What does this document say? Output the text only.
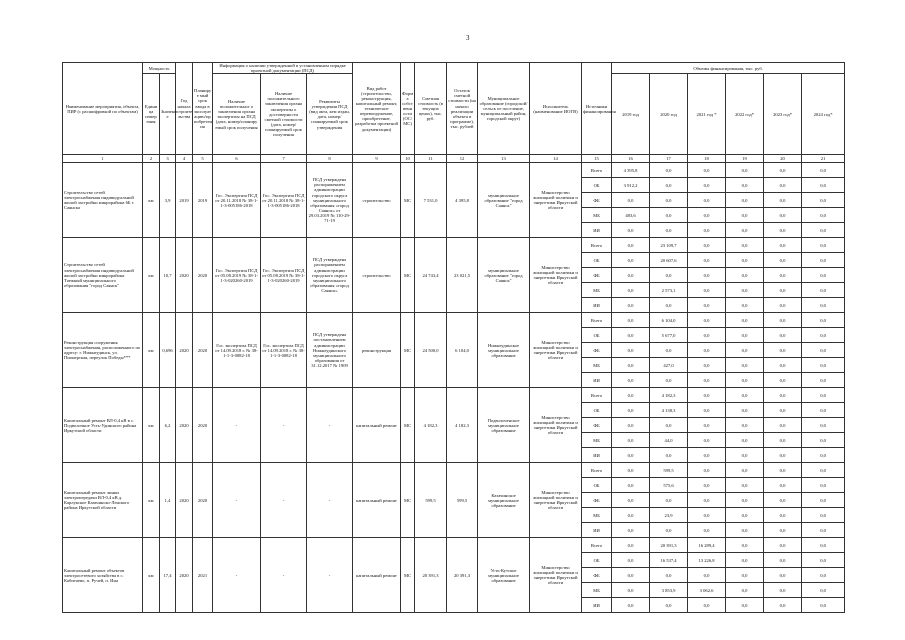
3
Наименование мероприятия, объекта, ПИР (с расшифровкой по объектам)	Мощность		Год начала строите льства	Планиру е мый срок ввода в эксплуат ацию/пр иобретен ия	Информация о наличии утвержденной в установленном порядке проектной документации (ПСД)			Вид работ (строительство, реконструкция, капитальный ремонт, техническое перевооружение, приобретение, разработка проектной документации)	Форм а собст венн ости (ОС/ МС)	Сметная стоимость (в текущих ценах), тыс. руб.	Остаток сметной стоимости (на начало реализации объекта в программе), тыс. рублей	Муниципальное образование (городской/сельск ое поселение, муниципальный район, городской округ)	Исполнитель (наименование ИОГВ)	Источники финансирования	Объемы финансирования, тыс. руб.					
	Едини ца измер ения	Значени е			Наличие положительног о заключения органа экспертизы на ПСД (дата, номер/планиру емый срок получения	Наличие положительного заключения органа экспертизы о достоверности сметной стоимости (дата, номер/планируемый срок получения	Реквизиты утверждения ПСД (вид акта, кем издан, дата, номер/планируемый срок утверждения								2019 год	2020 год	2021 год *	2022 год*	2023 год*	2024 год*

1	2	3	4	5	6	7	8	9	10	11	12	13	14	15	16	17	18	19	20	21
Строительство сетей электроснабжения индивидуальной жилой застройки микрорайона 6Б г. Саянска	км	3,9	2019	2019	Гос. Экспертиза ПСД от 20.11.2018 № 38-1-1-3-005186-2018	Гос. Экспертиза ПСД от 20.11.2018 № 38-1-1-3-005186-2018	ПСД утверждена распоряжением администрации городского округа муниципального образования «город Саянск» от 29.03.2019 № 110-29-71-19	строительство	МС	7 531,0	4 395,8	муниципальное образование "город Саянск"	Министерство жилищной политики и энергетики Иркутской области	Всего	4 395,8	0,0	0,0	0,0	0,0	0,0
														ОБ	3 912,2	0,0	0,0	0,0	0,0	0,0
														ФБ	0,0	0,0	0,0	0,0	0,0	0,0
														МБ	483,6	0,0	0,0	0,0	0,0	0,0
														ИИ	0,0	0,0	0,0	0,0	0,0	0,0
Строительство сетей электроснабжения индивидуальной жилой застройки микрорайона Таежный муниципального образования "город Саянск"	км	10,7	2020	2020	Гос. Экспертиза ПСД от 05.08.2019 № 38-1-1-3-020260-2019	Гос. Экспертиза ПСД от 05.08.2019 № 38-1-1-3-020260-2019	ПСД утверждена распоряжением администрации городского округа муниципального образования «город Саянск»	строительство	МС	24 743,4	23 021,5	муниципальное образование "город Саянск"	Министерство жилищной политики и энергетики Иркутской области	Всего	0,0	23 109,7	0,0	0,0	0,0	0,0
														ОБ	0,0	20 607,6	0,0	0,0	0,0	0,0
														ФБ	0,0	0,0	0,0	0,0	0,0	0,0
														МБ	0,0	2 573,1	0,0	0,0	0,0	0,0
														ИИ	0,0	0,0	0,0	0,0	0,0	0,0
Реконструкция сооружения электроснабжения, расположенного по адресу: г. Нижнеудинск, ул. Пионерская, переулок Победы***	км	0,696	2020	2020	Гос. экспертиза ПСД от 14.09.2018 г. № 38-1-1-3-0082-18	Гос. экспертиза ПСД от 14.09.2018 г. № 38-1-1-3-0082-18	ПСД утверждена постановлением администрации Нижнеудинского муниципального образования от 31.12.2017 № 1909	реконструкция	МС	24 500,0	6 104,0	Нижнеудинское муниципальное образование	Министерство жилищной политики и энергетики Иркутской области	Всего	0,0	6 104,0	0,0	0,0	0,0	0,0
														ОБ	0,0	5 677,0	0,0	0,0	0,0	0,0
														ФБ	0,0	0,0	0,0	0,0	0,0	0,0
														МБ	0,0	427,0	0,0	0,0	0,0	0,0
														ИИ	0,0	0,0	0,0	0,0	0,0	0,0
Капитальный ремонт ВЛ-0,4 кВ в с. Подволочное Усть-Удинского района Иркутской области	км	6,2	2020	2020	-	-	-	капитальный ремонт	МС	4 182,3	4 182,3	Подволоченское муниципальное образование	Министерство жилищной политики и энергетики Иркутской области	Всего	0,0	4 182,3	0,0	0,0	0,0	0,0
														ОБ	0,0	4 138,3	0,0	0,0	0,0	0,0
														ФБ	0,0	0,0	0,0	0,0	0,0	0,0
														МБ	0,0	44,0	0,0	0,0	0,0	0,0
														ИИ	0,0	0,0	0,0	0,0	0,0	0,0
Капитальный ремонт линии электропередачи ВЛ-0,4 кВ д. Карлукское Казачинско-Ленского района Иркутской области	км	1,4	2020	2020	-	-	-	капитальный ремонт	МС	599,5	599,5	Казачинское муниципальное образование	Министерство жилищной политики и энергетики Иркутской области	Всего	0,0	599,5	0,0	0,0	0,0	0,0
														ОБ	0,0	575,6	0,0	0,0	0,0	0,0
														ФБ	0,0	0,0	0,0	0,0	0,0	0,0
														МБ	0,0	23,9	0,0	0,0	0,0	0,0
														ИИ	0,0	0,0	0,0	0,0	0,0	0,0
Капитальный ремонт объектов электросетевого хозяйства в с. Кабитаево, п. Ручей, п. Ина	км	17,4	2020	2021	-	-	-	капитальный ремонт	МС	20 391,3	20 391,3	Усть-Кутское муниципальное образование	Министерство жилищной политики и энергетики Иркутской области	Всего	0,0	20 391,3	16 289,4	0,0	0,0	0,0
														ОБ	0,0	16 537,4	13 226,8	0,0	0,0	0,0
														ФБ	0,0	0,0	0,0	0,0	0,0	0,0
														МБ	0,0	3 853,9	3 062,6	0,0	0,0	0,0
														ИИ	0,0	0,0	0,0	0,0	0,0	0,0
